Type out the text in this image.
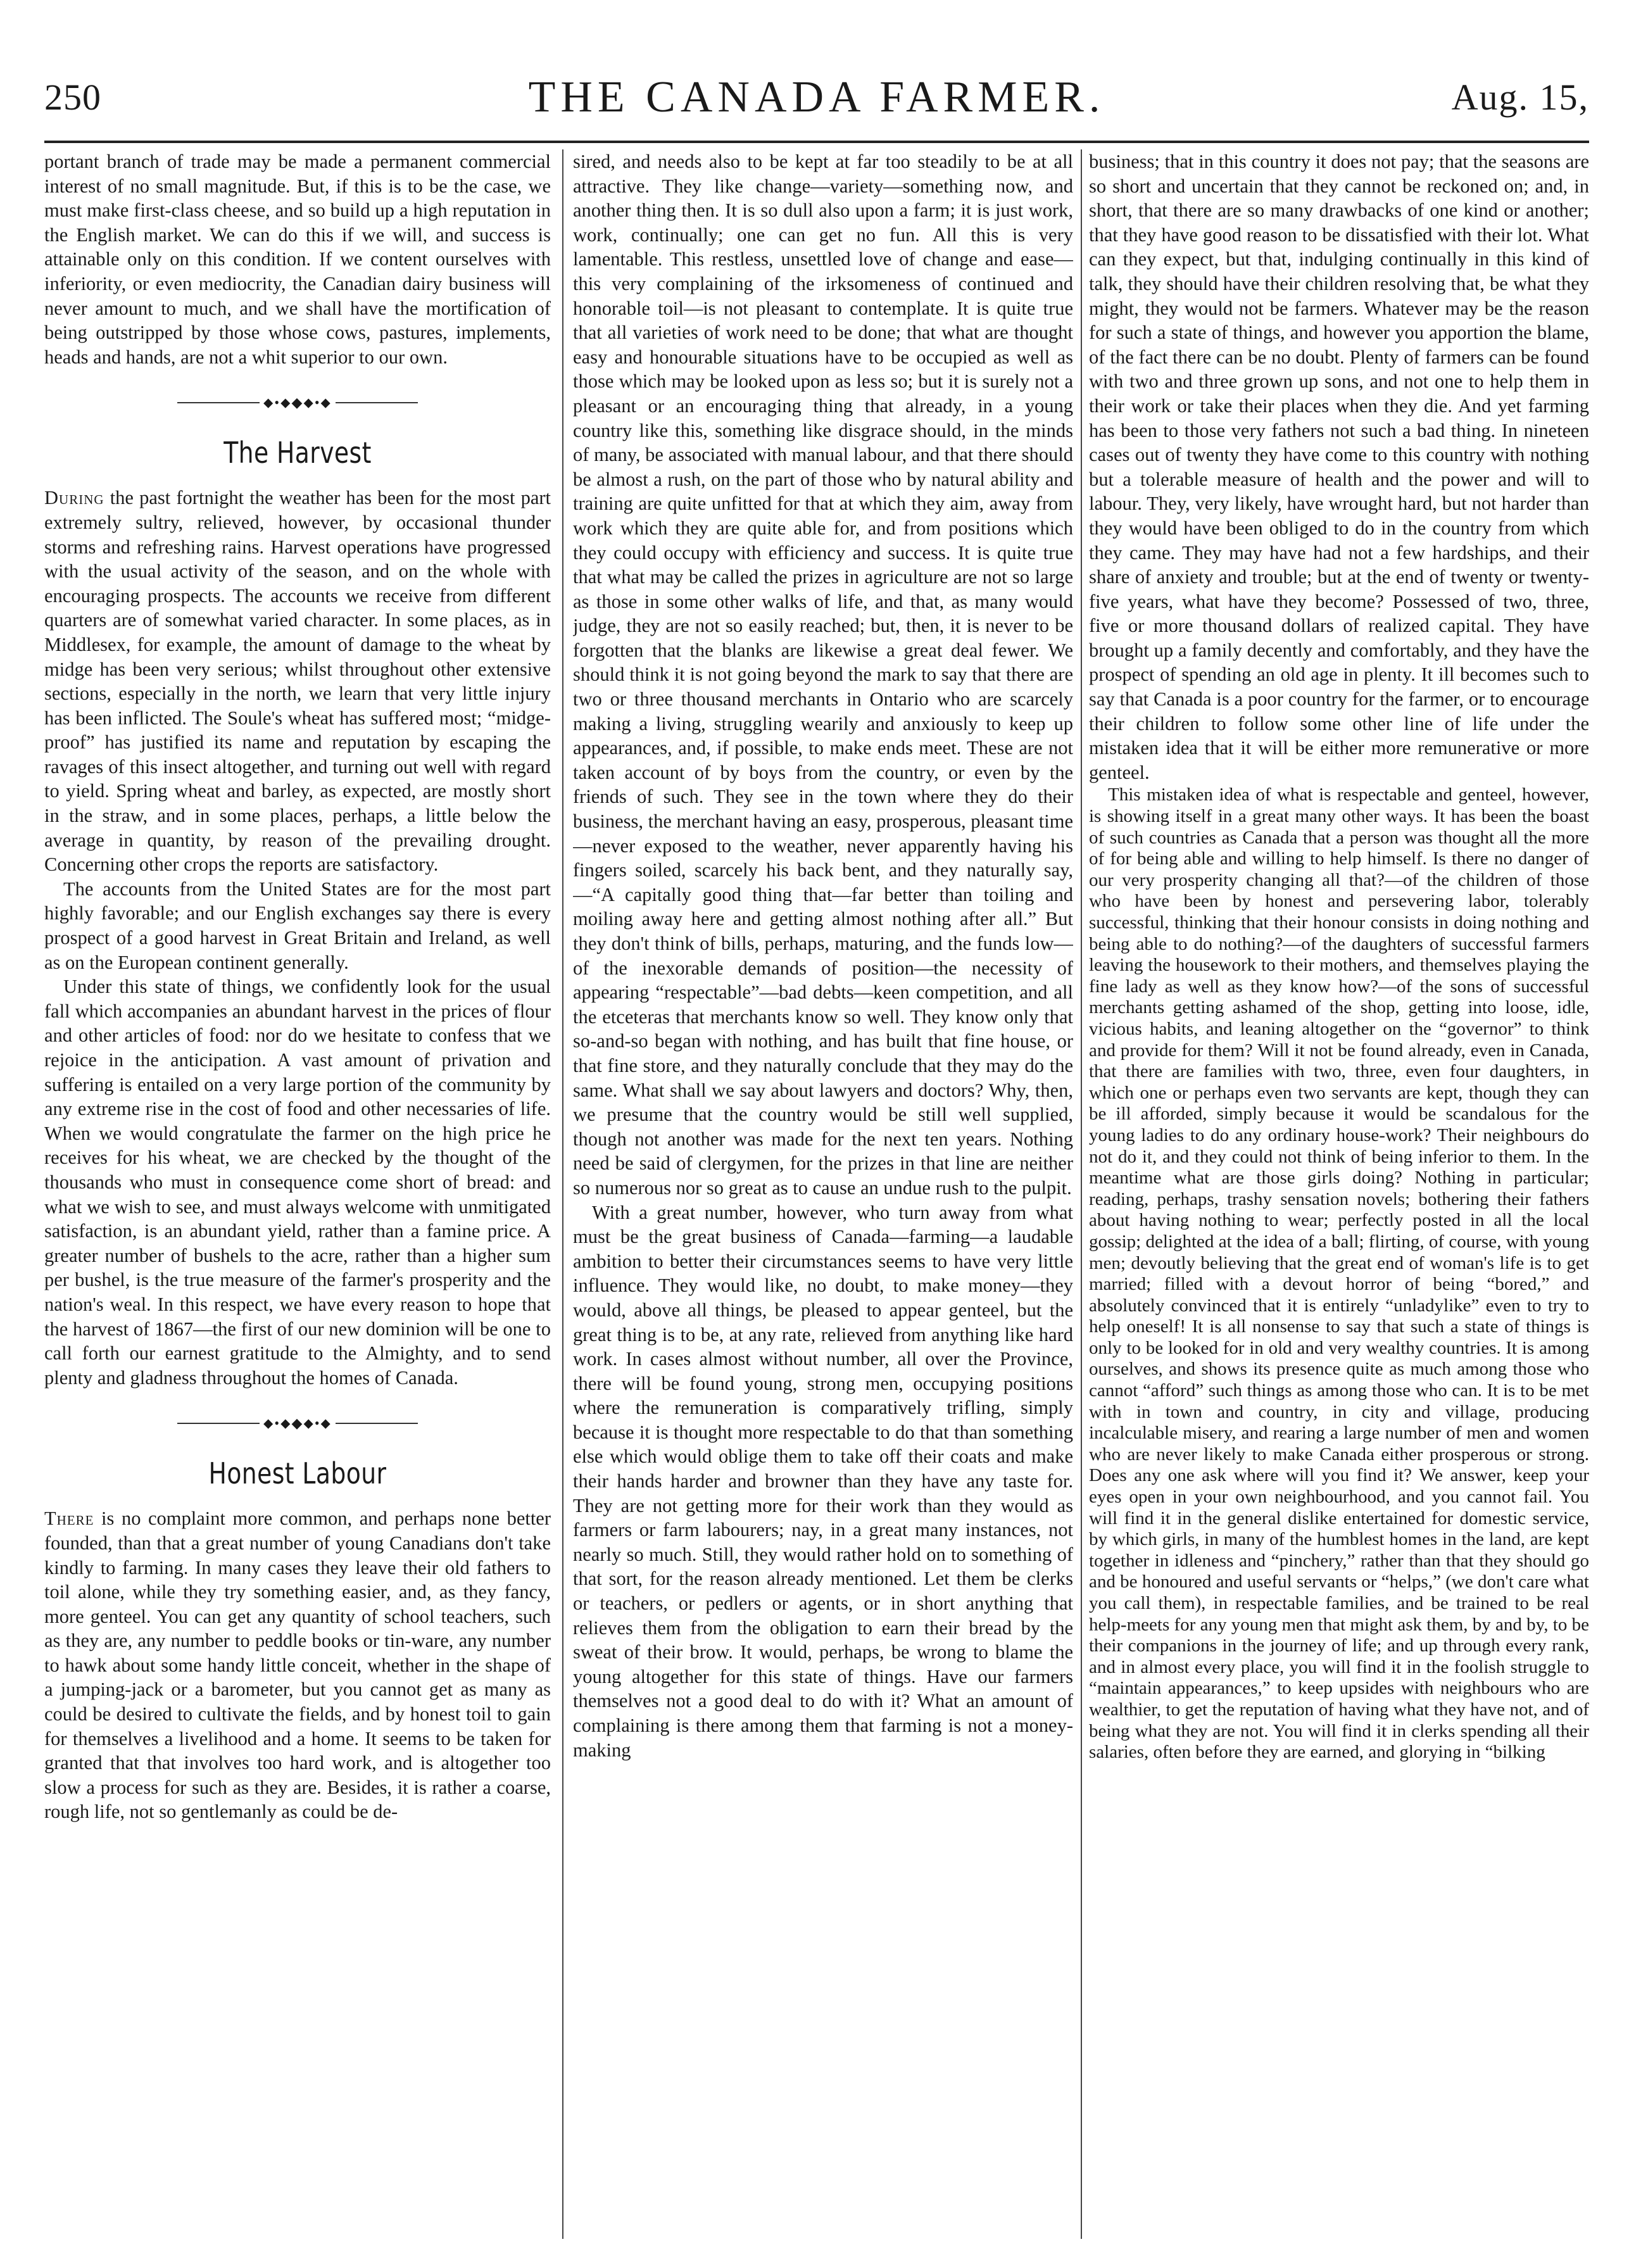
250	THE CANADA FARMER.	Aug. 15,

portant branch of trade may be made a permanent commercial interest of no small magnitude. But, if this is to be the case, we must make first-class cheese, and so build up a high reputation in the English market. We can do this if we will, and success is attainable only on this condition. If we content ourselves with inferiority, or even mediocrity, the Canadian dairy business will never amount to much, and we shall have the mortification of being outstripped by those whose cows, pastures, implements, heads and hands, are not a whit superior to our own.

⬥•⬥◆⬥•⬥
The Harvest

During the past fortnight the weather has been for the most part extremely sultry, relieved, however, by occasional thunder storms and refreshing rains. Harvest operations have progressed with the usual activity of the season, and on the whole with encouraging prospects. The accounts we receive from different quarters are of somewhat varied character. In some places, as in Middlesex, for example, the amount of damage to the wheat by midge has been very serious; whilst throughout other extensive sections, especially in the north, we learn that very little injury has been inflicted. The Soule's wheat has suffered most; “midge-proof” has justified its name and reputation by escaping the ravages of this insect altogether, and turning out well with regard to yield. Spring wheat and barley, as expected, are mostly short in the straw, and in some places, perhaps, a little below the average in quantity, by reason of the prevailing drought. Concerning other crops the reports are satisfactory.

The accounts from the United States are for the most part highly favorable; and our English exchanges say there is every prospect of a good harvest in Great Britain and Ireland, as well as on the European continent generally.

Under this state of things, we confidently look for the usual fall which accompanies an abundant harvest in the prices of flour and other articles of food: nor do we hesitate to confess that we rejoice in the anticipation. A vast amount of privation and suffering is entailed on a very large portion of the community by any extreme rise in the cost of food and other necessaries of life. When we would congratulate the farmer on the high price he receives for his wheat, we are checked by the thought of the thousands who must in consequence come short of bread: and what we wish to see, and must always welcome with unmitigated satisfaction, is an abundant yield, rather than a famine price. A greater number of bushels to the acre, rather than a higher sum per bushel, is the true measure of the farmer's prosperity and the nation's weal. In this respect, we have every reason to hope that the harvest of 1867—the first of our new dominion will be one to call forth our earnest gratitude to the Almighty, and to send plenty and gladness throughout the homes of Canada.

⬥•⬥◆⬥•⬥
Honest Labour

There is no complaint more common, and perhaps none better founded, than that a great number of young Canadians don't take kindly to farming. In many cases they leave their old fathers to toil alone, while they try something easier, and, as they fancy, more genteel. You can get any quantity of school teachers, such as they are, any number to peddle books or tin-ware, any number to hawk about some handy little conceit, whether in the shape of a jumping-jack or a barometer, but you cannot get as many as could be desired to cultivate the fields, and by honest toil to gain for themselves a livelihood and a home. It seems to be taken for granted that that involves too hard work, and is altogether too slow a process for such as they are. Besides, it is rather a coarse, rough life, not so gentlemanly as could be de-

sired, and needs also to be kept at far too steadily to be at all attractive. They like change—variety—something now, and another thing then. It is so dull also upon a farm; it is just work, work, continually; one can get no fun. All this is very lamentable. This restless, unsettled love of change and ease—this very complaining of the irksomeness of continued and honorable toil—is not pleasant to contemplate. It is quite true that all varieties of work need to be done; that what are thought easy and honourable situations have to be occupied as well as those which may be looked upon as less so; but it is surely not a pleasant or an encouraging thing that already, in a young country like this, something like disgrace should, in the minds of many, be associated with manual labour, and that there should be almost a rush, on the part of those who by natural ability and training are quite unfitted for that at which they aim, away from work which they are quite able for, and from positions which they could occupy with efficiency and success. It is quite true that what may be called the prizes in agriculture are not so large as those in some other walks of life, and that, as many would judge, they are not so easily reached; but, then, it is never to be forgotten that the blanks are likewise a great deal fewer. We should think it is not going beyond the mark to say that there are two or three thousand merchants in Ontario who are scarcely making a living, struggling wearily and anxiously to keep up appearances, and, if possible, to make ends meet. These are not taken account of by boys from the country, or even by the friends of such. They see in the town where they do their business, the merchant having an easy, prosperous, pleasant time—never exposed to the weather, never apparently having his fingers soiled, scarcely his back bent, and they naturally say,—“A capitally good thing that—far better than toiling and moiling away here and getting almost nothing after all.” But they don't think of bills, perhaps, maturing, and the funds low—of the inexorable demands of position—the necessity of appearing “respectable”—bad debts—keen competition, and all the etceteras that merchants know so well. They know only that so-and-so began with nothing, and has built that fine house, or that fine store, and they naturally conclude that they may do the same. What shall we say about lawyers and doctors? Why, then, we presume that the country would be still well supplied, though not another was made for the next ten years. Nothing need be said of clergymen, for the prizes in that line are neither so numerous nor so great as to cause an undue rush to the pulpit.

With a great number, however, who turn away from what must be the great business of Canada—farming—a laudable ambition to better their circumstances seems to have very little influence. They would like, no doubt, to make money—they would, above all things, be pleased to appear genteel, but the great thing is to be, at any rate, relieved from anything like hard work. In cases almost without number, all over the Province, there will be found young, strong men, occupying positions where the remuneration is comparatively trifling, simply because it is thought more respectable to do that than something else which would oblige them to take off their coats and make their hands harder and browner than they have any taste for. They are not getting more for their work than they would as farmers or farm labourers; nay, in a great many instances, not nearly so much. Still, they would rather hold on to something of that sort, for the reason already mentioned. Let them be clerks or teachers, or pedlers or agents, or in short anything that relieves them from the obligation to earn their bread by the sweat of their brow. It would, perhaps, be wrong to blame the young altogether for this state of things. Have our farmers themselves not a good deal to do with it? What an amount of complaining is there among them that farming is not a money-making

business; that in this country it does not pay; that the seasons are so short and uncertain that they cannot be reckoned on; and, in short, that there are so many drawbacks of one kind or another; that they have good reason to be dissatisfied with their lot. What can they expect, but that, indulging continually in this kind of talk, they should have their children resolving that, be what they might, they would not be farmers. Whatever may be the reason for such a state of things, and however you apportion the blame, of the fact there can be no doubt. Plenty of farmers can be found with two and three grown up sons, and not one to help them in their work or take their places when they die. And yet farming has been to those very fathers not such a bad thing. In nineteen cases out of twenty they have come to this country with nothing but a tolerable measure of health and the power and will to labour. They, very likely, have wrought hard, but not harder than they would have been obliged to do in the country from which they came. They may have had not a few hardships, and their share of anxiety and trouble; but at the end of twenty or twenty-five years, what have they become? Possessed of two, three, five or more thousand dollars of realized capital. They have brought up a family decently and comfortably, and they have the prospect of spending an old age in plenty. It ill becomes such to say that Canada is a poor country for the farmer, or to encourage their children to follow some other line of life under the mistaken idea that it will be either more remunerative or more genteel.

This mistaken idea of what is respectable and genteel, however, is showing itself in a great many other ways. It has been the boast of such countries as Canada that a person was thought all the more of for being able and willing to help himself. Is there no danger of our very prosperity changing all that?—of the children of those who have been by honest and persevering labor, tolerably successful, thinking that their honour consists in doing nothing and being able to do nothing?—of the daughters of successful farmers leaving the housework to their mothers, and themselves playing the fine lady as well as they know how?—of the sons of successful merchants getting ashamed of the shop, getting into loose, idle, vicious habits, and leaning altogether on the “governor” to think and provide for them? Will it not be found already, even in Canada, that there are families with two, three, even four daughters, in which one or perhaps even two servants are kept, though they can be ill afforded, simply because it would be scandalous for the young ladies to do any ordinary house-work? Their neighbours do not do it, and they could not think of being inferior to them. In the meantime what are those girls doing? Nothing in particular; reading, perhaps, trashy sensation novels; bothering their fathers about having nothing to wear; perfectly posted in all the local gossip; delighted at the idea of a ball; flirting, of course, with young men; devoutly believing that the great end of woman's life is to get married; filled with a devout horror of being “bored,” and absolutely convinced that it is entirely “unladylike” even to try to help oneself! It is all nonsense to say that such a state of things is only to be looked for in old and very wealthy countries. It is among ourselves, and shows its presence quite as much among those who cannot “afford” such things as among those who can. It is to be met with in town and country, in city and village, producing incalculable misery, and rearing a large number of men and women who are never likely to make Canada either prosperous or strong. Does any one ask where will you find it? We answer, keep your eyes open in your own neighbourhood, and you cannot fail. You will find it in the general dislike entertained for domestic service, by which girls, in many of the humblest homes in the land, are kept together in idleness and “pinchery,” rather than that they should go and be honoured and useful servants or “helps,” (we don't care what you call them), in respectable families, and be trained to be real help-meets for any young men that might ask them, by and by, to be their companions in the journey of life; and up through every rank, and in almost every place, you will find it in the foolish struggle to “maintain appearances,” to keep upsides with neighbours who are wealthier, to get the reputation of having what they have not, and of being what they are not. You will find it in clerks spending all their salaries, often before they are earned, and glorying in “bilking
